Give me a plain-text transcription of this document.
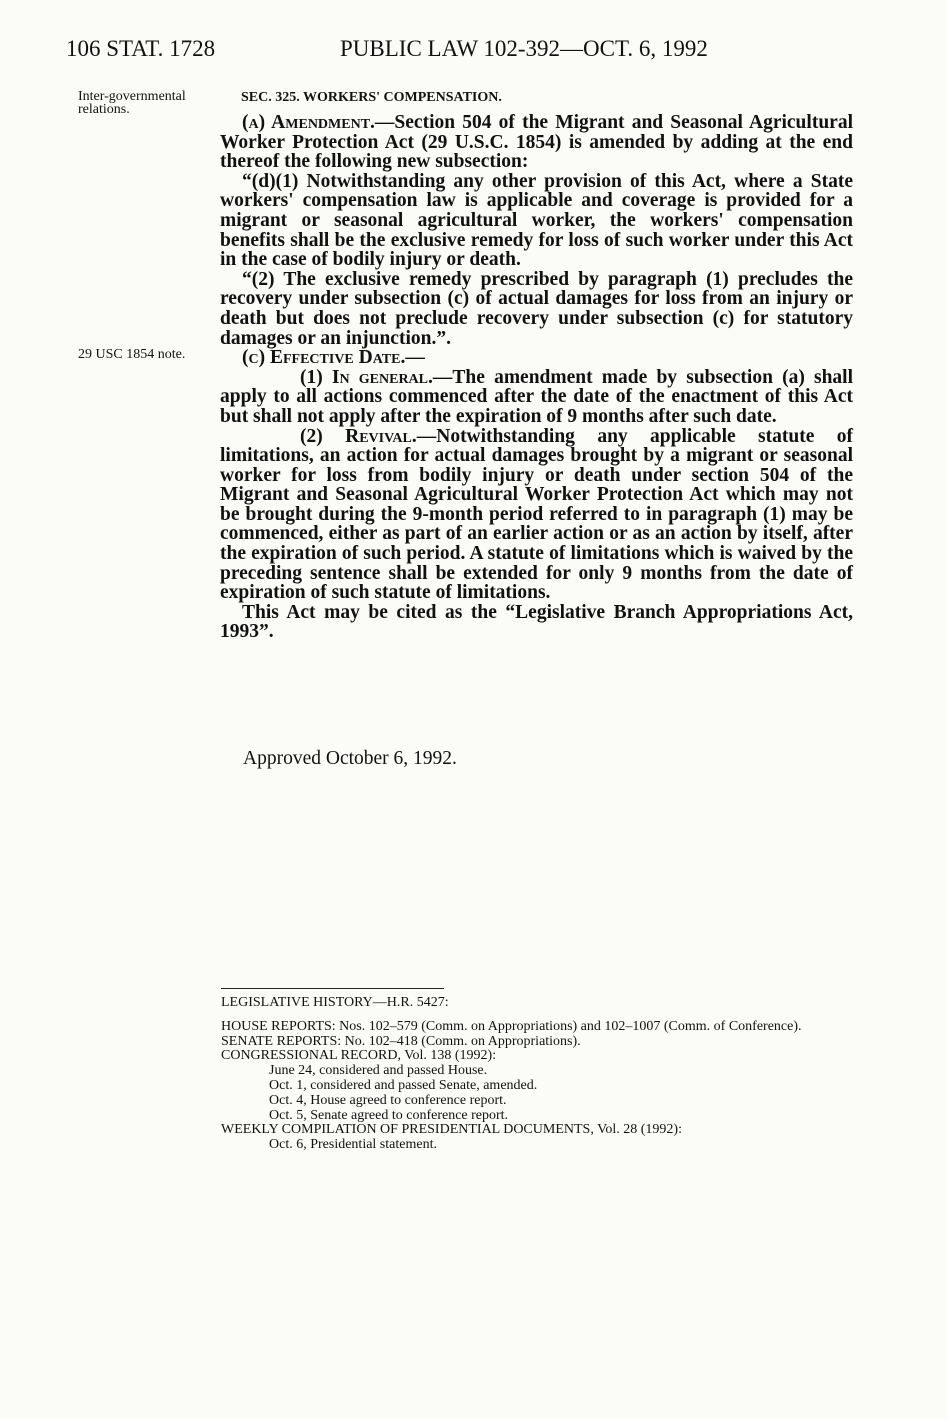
106 STAT. 1728	PUBLIC LAW 102-392—OCT. 6, 1992
Inter-governmental relations.
29 USC 1854 note.
SEC. 325. WORKERS' COMPENSATION.

(a) Amendment.—Section 504 of the Migrant and Seasonal Agricultural Worker Protection Act (29 U.S.C. 1854) is amended by adding at the end thereof the following new subsection:

“(d)(1) Notwithstanding any other provision of this Act, where a State workers' compensation law is applicable and coverage is provided for a migrant or seasonal agricultural worker, the workers' compensation benefits shall be the exclusive remedy for loss of such worker under this Act in the case of bodily injury or death.

“(2) The exclusive remedy prescribed by paragraph (1) precludes the recovery under subsection (c) of actual damages for loss from an injury or death but does not preclude recovery under subsection (c) for statutory damages or an injunction.”.

(c) Effective Date.—

(1) In general.—The amendment made by subsection (a) shall apply to all actions commenced after the date of the enactment of this Act but shall not apply after the expiration of 9 months after such date.

(2) Revival.—Notwithstanding any applicable statute of limitations, an action for actual damages brought by a migrant or seasonal worker for loss from bodily injury or death under section 504 of the Migrant and Seasonal Agricultural Worker Protection Act which may not be brought during the 9-month period referred to in paragraph (1) may be commenced, either as part of an earlier action or as an action by itself, after the expiration of such period. A statute of limitations which is waived by the preceding sentence shall be extended for only 9 months from the date of expiration of such statute of limitations.

This Act may be cited as the “Legislative Branch Appropriations Act, 1993”.

Approved October 6, 1992.

LEGISLATIVE HISTORY—H.R. 5427:

HOUSE REPORTS: Nos. 102–579 (Comm. on Appropriations) and 102–1007 (Comm. of Conference).

SENATE REPORTS: No. 102–418 (Comm. on Appropriations).

CONGRESSIONAL RECORD, Vol. 138 (1992):

June 24, considered and passed House.

Oct. 1, considered and passed Senate, amended.

Oct. 4, House agreed to conference report.

Oct. 5, Senate agreed to conference report.

WEEKLY COMPILATION OF PRESIDENTIAL DOCUMENTS, Vol. 28 (1992):

Oct. 6, Presidential statement.
